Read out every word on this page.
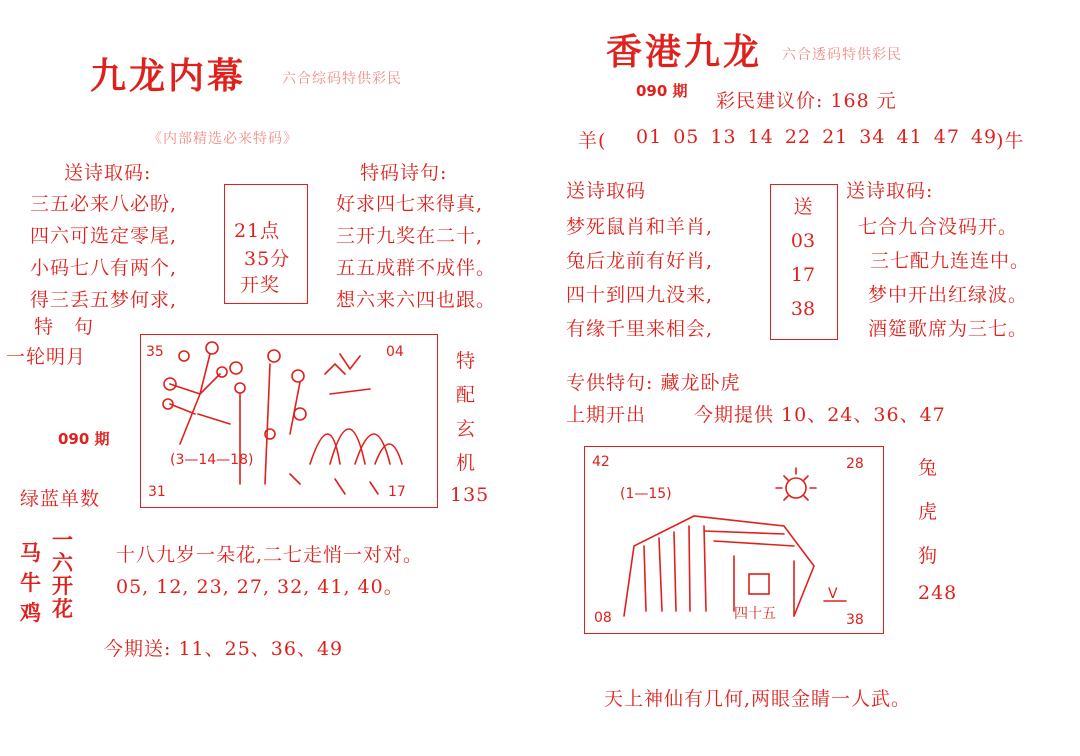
九龙内幕	六合综码特供彩民
《内部精选必来特码》
送诗取码:	特码诗句:
三五必来八必盼,
四六可选定零尾,
小码七八有两个,
得三丢五梦何求,
21点
35分
开奖
好求四七来得真,
三开九奖在二十,
五五成群不成伴。
想六来六四也跟。
特　句
一轮明月
090 期
绿蓝单数
35	04
31	17
(3—14—18)
特
配
玄
机
135
马
牛
鸡
一
六
开
花
十八九岁一朵花,二七走悄一对对。
05, 12, 23, 27, 32, 41, 40。
今期送: 11、25、36、49
香港九龙 六合透码特供彩民
090 期 彩民建议价: 168 元
羊( 01 05 13 14 22 21 34 41 47 49
)牛
送诗取码	送诗取码:
梦死鼠肖和羊肖,
兔后龙前有好肖,
四十到四九没来,
有缘千里来相会,
送
03
17
38
七合九合没码开。
三七配九连连中。
梦中开出红绿波。
酒筵歌席为三七。
专供特句: 藏龙卧虎
上期开出	今期提供 10、24、36、47
42	28
08	38
(1—15)
四十五
V
兔
虎
狗
248
天上神仙有几何,两眼金睛一人武。
